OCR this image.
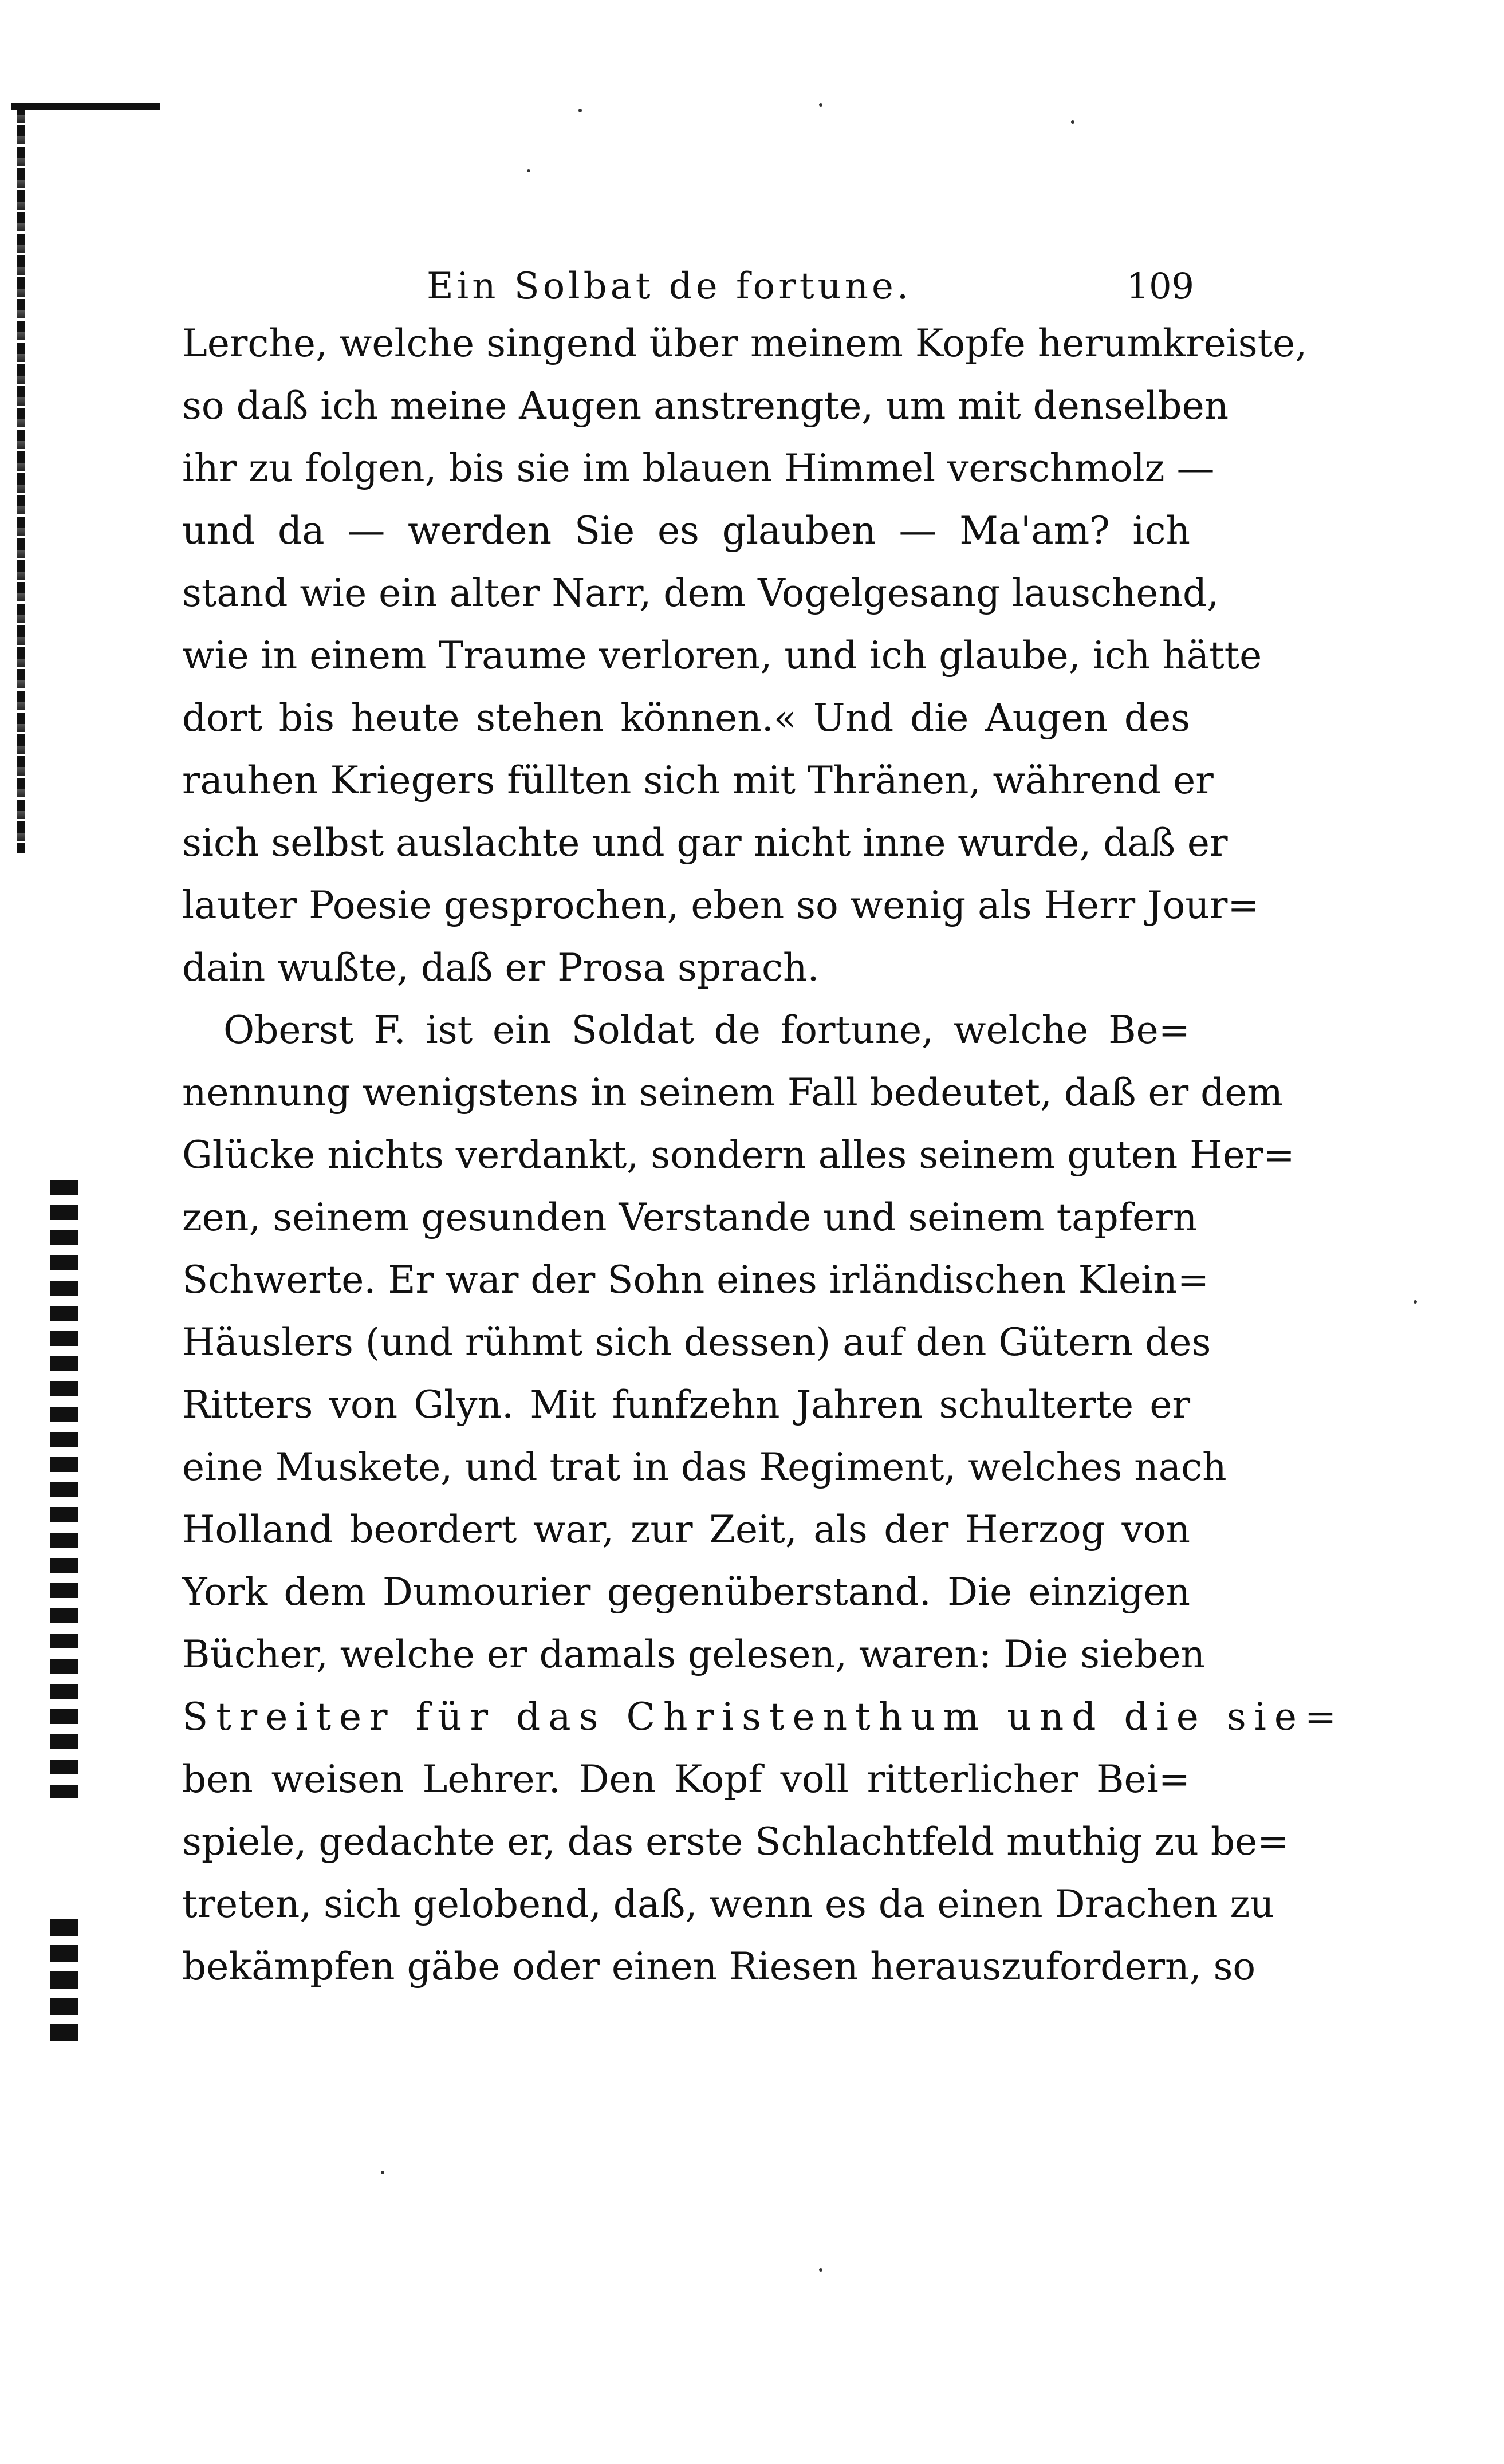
Ein Solbat de fortune.	109
Lerche, welche singend über meinem Kopfe herumkreiste,
so daß ich meine Augen anstrengte, um mit denselben
ihr zu folgen, bis sie im blauen Himmel verschmolz —
und da — werden Sie es glauben — Ma'am? ich
stand wie ein alter Narr, dem Vogelgesang lauschend,
wie in einem Traume verloren, und ich glaube, ich hätte
dort bis heute stehen können.« Und die Augen des
rauhen Kriegers füllten sich mit Thränen, während er
sich selbst auslachte und gar nicht inne wurde, daß er
lauter Poesie gesprochen, eben so wenig als Herr Jour=
dain wußte, daß er Prosa sprach.
Oberst F. ist ein Soldat de fortune, welche Be=
nennung wenigstens in seinem Fall bedeutet, daß er dem
Glücke nichts verdankt, sondern alles seinem guten Her=
zen, seinem gesunden Verstande und seinem tapfern
Schwerte. Er war der Sohn eines irländischen Klein=
Häuslers (und rühmt sich dessen) auf den Gütern des
Ritters von Glyn. Mit funfzehn Jahren schulterte er
eine Muskete, und trat in das Regiment, welches nach
Holland beordert war, zur Zeit, als der Herzog von
York dem Dumourier gegenüberstand. Die einzigen
Bücher, welche er damals gelesen, waren: Die sieben
Streiter für das Christenthum und die sie=
ben weisen Lehrer. Den Kopf voll ritterlicher Bei=
spiele, gedachte er, das erste Schlachtfeld muthig zu be=
treten, sich gelobend, daß, wenn es da einen Drachen zu
bekämpfen gäbe oder einen Riesen herauszufordern, so
